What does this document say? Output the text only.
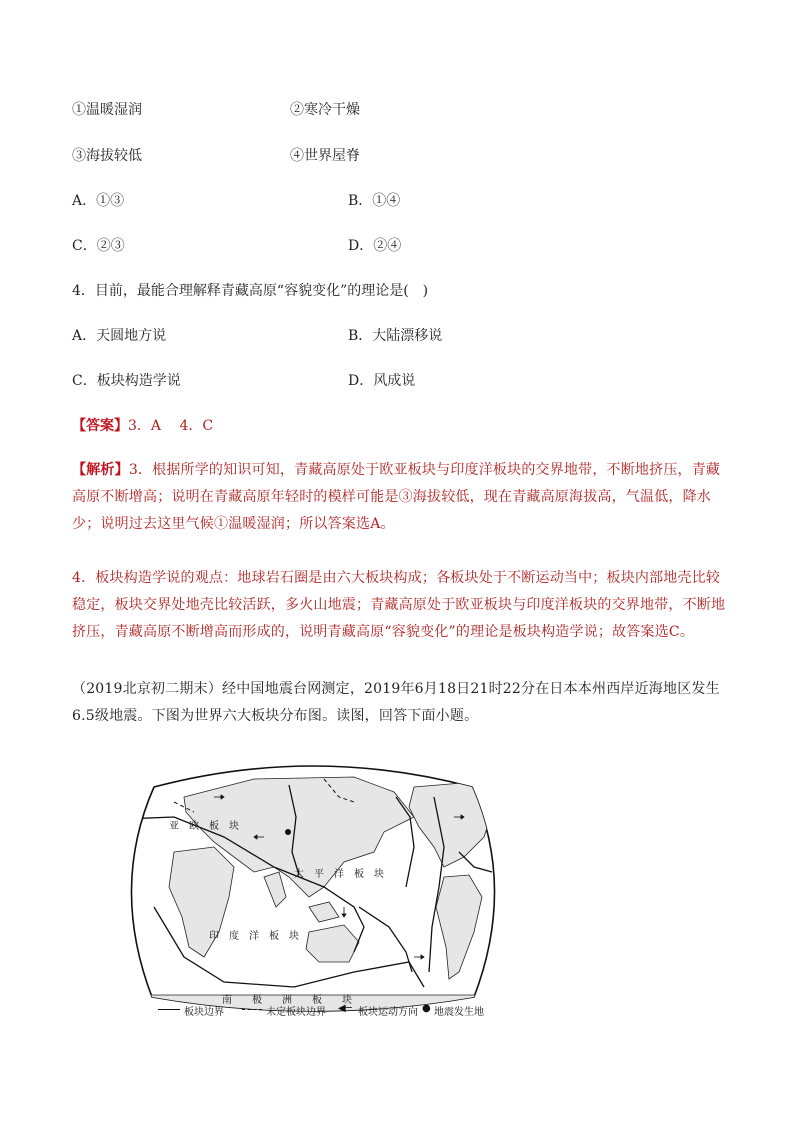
①温暖湿润	②寒冷干燥
③海拔较低	④世界屋脊
A．①③	B．①④
C．②③	D．②④
4．目前，最能合理解释青藏高原“容貌变化”的理论是(　)
A．天圆地方说	B．大陆漂移说
C．板块构造学说	D．风成说
【答案】3．A　 4．C
【解析】3．根据所学的知识可知，青藏高原处于欧亚板块与印度洋板块的交界地带，不断地挤压，青藏高原不断增高；说明在青藏高原年轻时的模样可能是③海拔较低，现在青藏高原海拔高，气温低，降水少；说明过去这里气候①温暖湿润；所以答案选A。
4．板块构造学说的观点：地球岩石圈是由六大板块构成；各板块处于不断运动当中；板块内部地壳比较稳定，板块交界处地壳比较活跃，多火山地震；青藏高原处于欧亚板块与印度洋板块的交界地带，不断地挤压，青藏高原不断增高而形成的，说明青藏高原“容貌变化”的理论是板块构造学说；故答案选C。
（2019北京初二期末）经中国地震台网测定，2019年6月18日21时22分在日本本州西岸近海地区发生6.5级地震。下图为世界六大板块分布图。读图，回答下面小题。
亚　欧　板　块
太　平　洋　板　块
印　度　洋　板　块
南　　极　　洲　　板　　块
板块边界	未定板块边界 ◀─ 板块运动方向 ● 地震发生地
